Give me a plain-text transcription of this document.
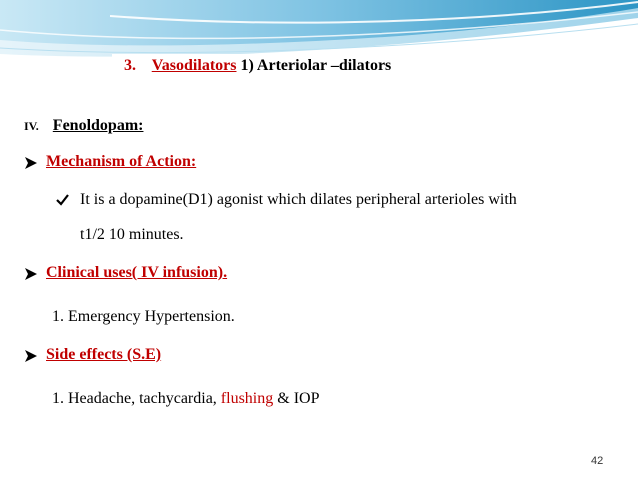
3. Vasodilators 1) Arteriolar –dilators
IV. Fenoldopam:
Mechanism of Action:
It is a dopamine(D1) agonist which dilates peripheral arterioles with
t1/2 10 minutes.
Clinical uses( IV infusion).
1. Emergency Hypertension.
Side effects (S.E)
1. Headache, tachycardia, flushing & IOP
42
